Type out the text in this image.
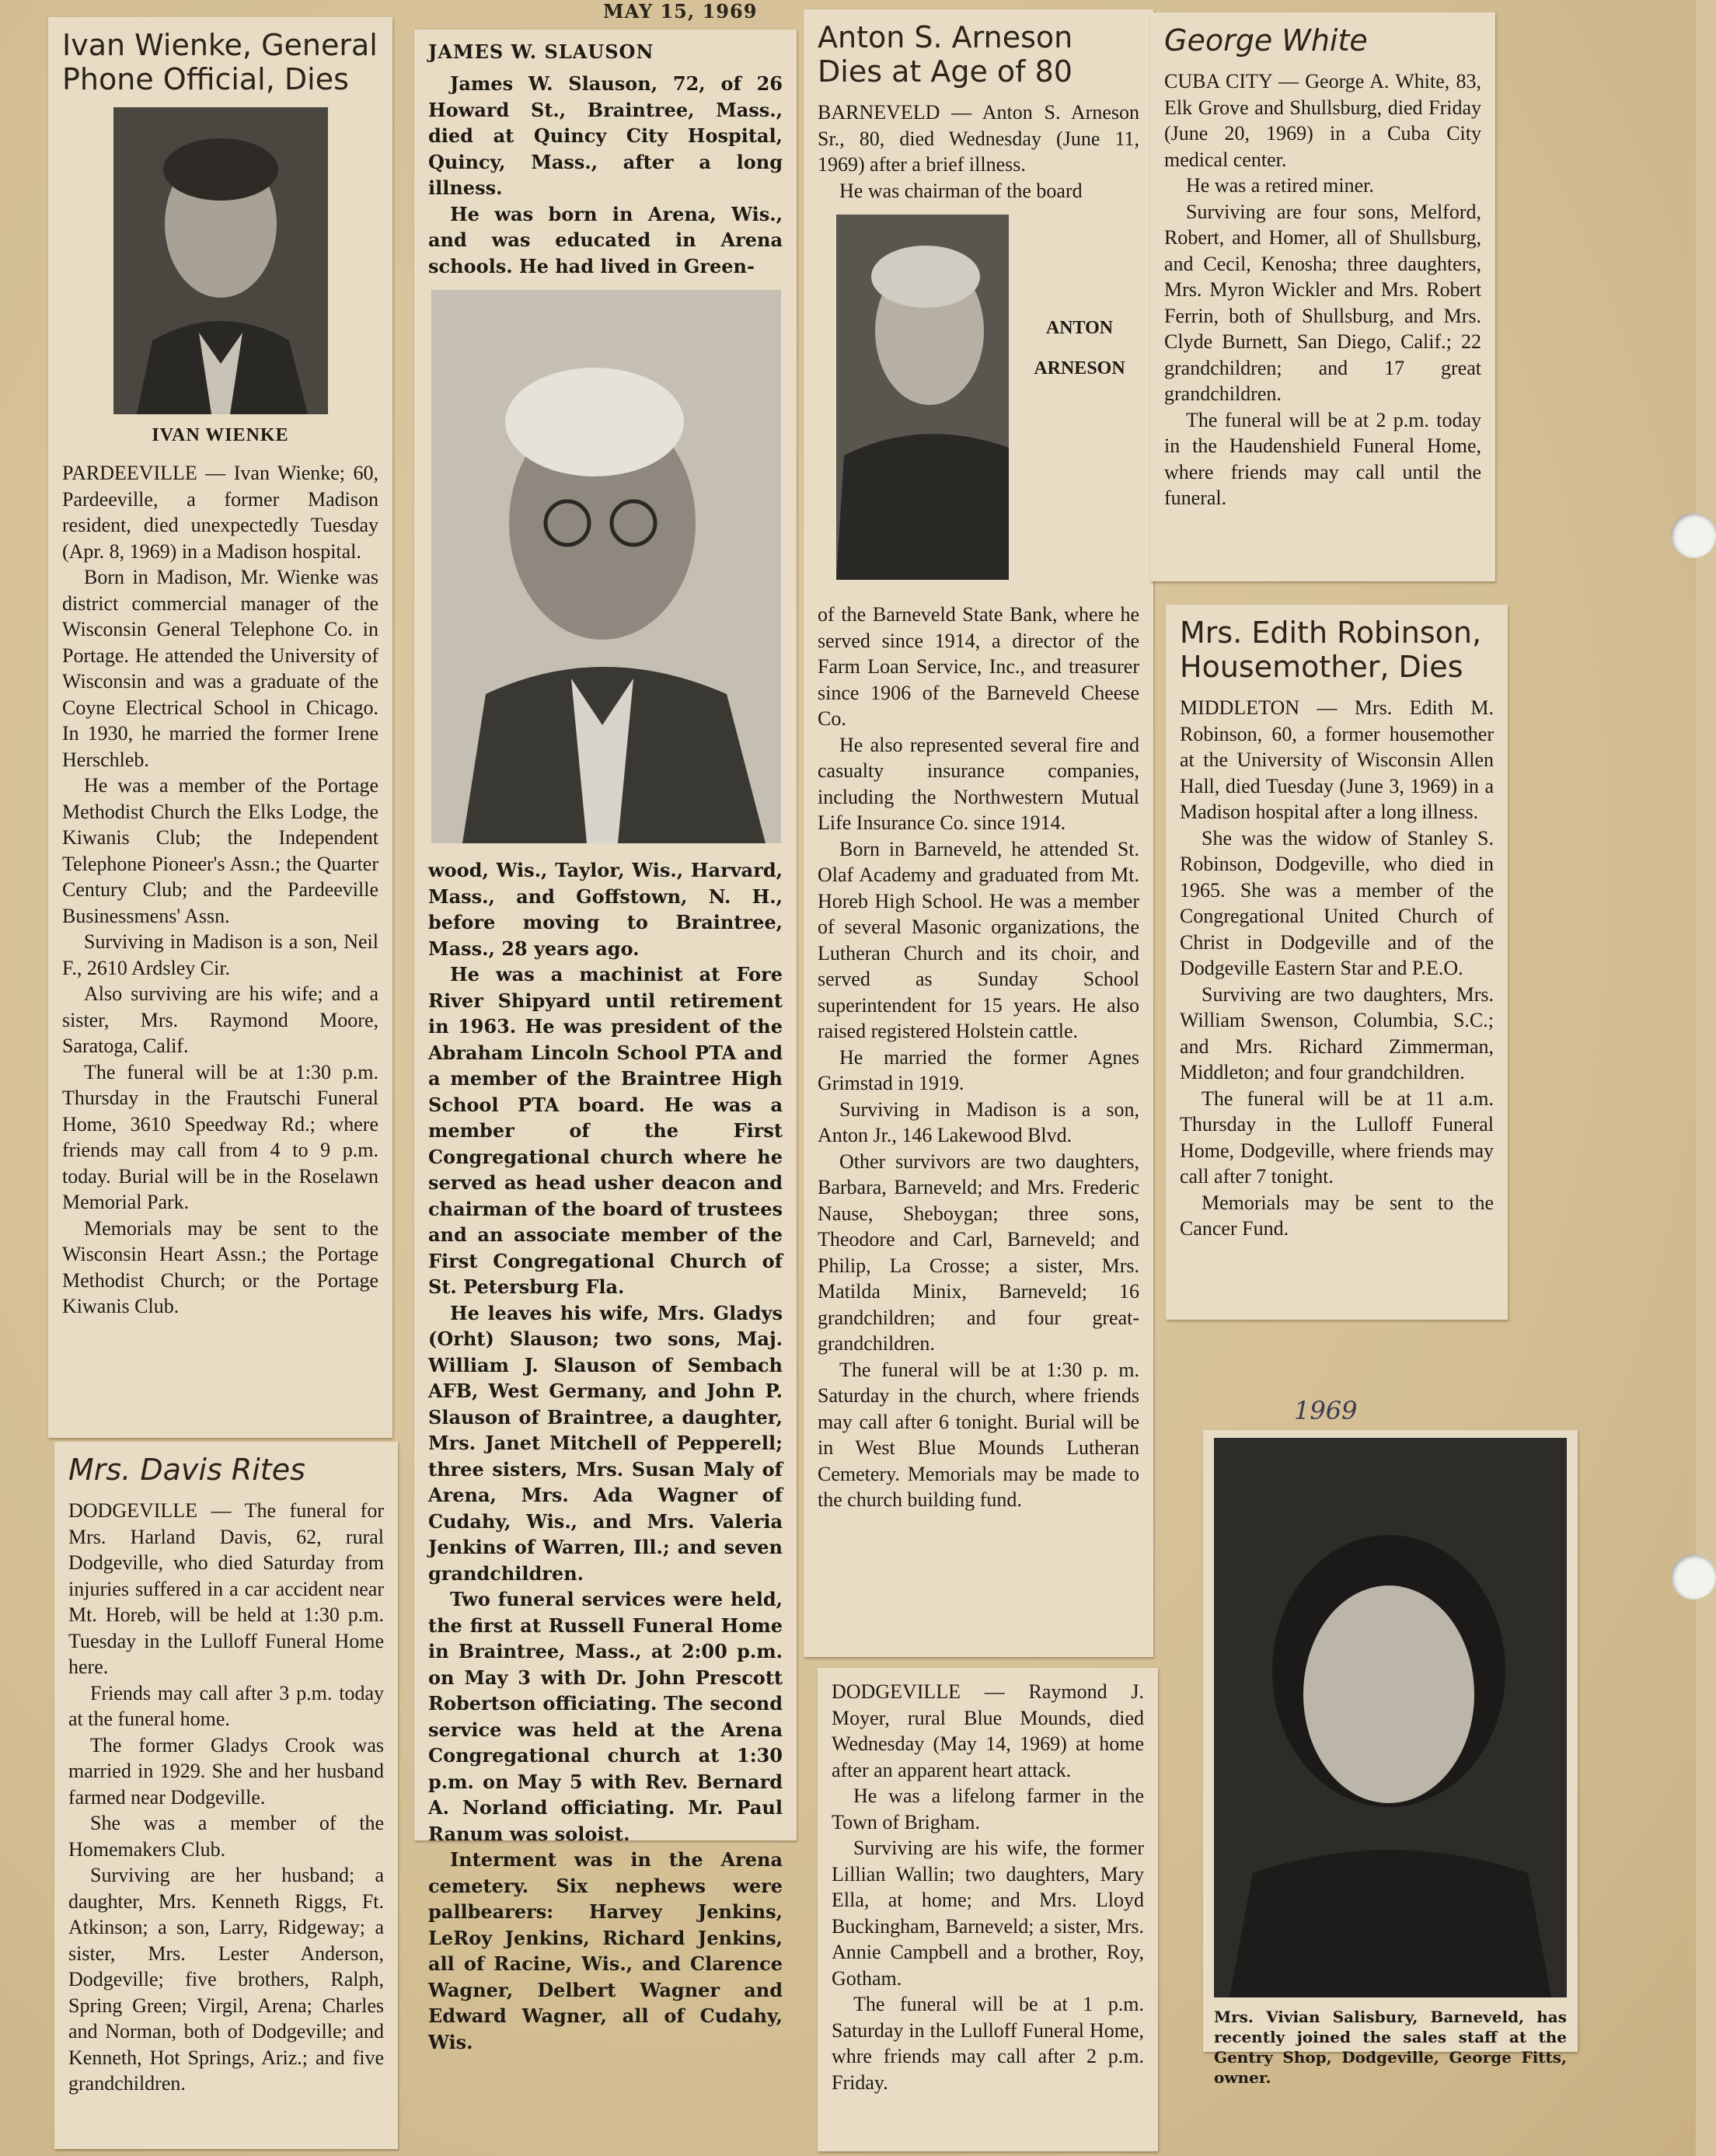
MAY 15, 1969
Ivan Wienke, General Phone Official, Dies
IVAN WIENKE

PARDEEVILLE — Ivan Wienke; 60, Pardeeville, a former Madison resident, died unexpectedly Tuesday (Apr. 8, 1969) in a Madison hospital.

Born in Madison, Mr. Wienke was district commercial manager of the Wisconsin General Telephone Co. in Portage. He attended the University of Wisconsin and was a graduate of the Coyne Electrical School in Chicago. In 1930, he married the former Irene Herschleb.

He was a member of the Portage Methodist Church the Elks Lodge, the Kiwanis Club; the Independent Telephone Pioneer's Assn.; the Quarter Century Club; and the Pardeeville Businessmens' Assn.

Surviving in Madison is a son, Neil F., 2610 Ardsley Cir.

Also surviving are his wife; and a sister, Mrs. Raymond Moore, Saratoga, Calif.

The funeral will be at 1:30 p.m. Thursday in the Frautschi Funeral Home, 3610 Speedway Rd.; where friends may call from 4 to 9 p.m. today. Burial will be in the Roselawn Memorial Park.

Memorials may be sent to the Wisconsin Heart Assn.; the Portage Methodist Church; or the Portage Kiwanis Club.

Mrs. Davis Rites

DODGEVILLE — The funeral for Mrs. Harland Davis, 62, rural Dodgeville, who died Saturday from injuries suffered in a car accident near Mt. Horeb, will be held at 1:30 p.m. Tuesday in the Lulloff Funeral Home here.

Friends may call after 3 p.m. today at the funeral home.

The former Gladys Crook was married in 1929. She and her husband farmed near Dodgeville.

She was a member of the Homemakers Club.

Surviving are her husband; a daughter, Mrs. Kenneth Riggs, Ft. Atkinson; a son, Larry, Ridgeway; a sister, Mrs. Lester Anderson, Dodgeville; five brothers, Ralph, Spring Green; Virgil, Arena; Charles and Norman, both of Dodgeville; and Kenneth, Hot Springs, Ariz.; and five grandchildren.

JAMES W. SLAUSON

James W. Slauson, 72, of 26 Howard St., Braintree, Mass., died at Quincy City Hospital, Quincy, Mass., after a long illness.

He was born in Arena, Wis., and was educated in Arena schools. He had lived in Green-

wood, Wis., Taylor, Wis., Harvard, Mass., and Goffstown, N. H., before moving to Braintree, Mass., 28 years ago.

He was a machinist at Fore River Shipyard until retirement in 1963. He was president of the Abraham Lincoln School PTA and a member of the Braintree High School PTA board. He was a member of the First Congregational church where he served as head usher deacon and chairman of the board of trustees and an associate member of the First Congregational Church of St. Petersburg Fla.

He leaves his wife, Mrs. Gladys (Orht) Slauson; two sons, Maj. William J. Slauson of Sembach AFB, West Germany, and John P. Slauson of Braintree, a daughter, Mrs. Janet Mitchell of Pepperell; three sisters, Mrs. Susan Maly of Arena, Mrs. Ada Wagner of Cudahy, Wis., and Mrs. Valeria Jenkins of Warren, Ill.; and seven grandchildren.

Two funeral services were held, the first at Russell Funeral Home in Braintree, Mass., at 2:00 p.m. on May 3 with Dr. John Prescott Robertson officiating. The second service was held at the Arena Congregational church at 1:30 p.m. on May 5 with Rev. Bernard A. Norland officiating. Mr. Paul Ranum was soloist.

Interment was in the Arena cemetery. Six nephews were pallbearers: Harvey Jenkins, LeRoy Jenkins, Richard Jenkins, all of Racine, Wis., and Clarence Wagner, Delbert Wagner and Edward Wagner, all of Cudahy, Wis.

Anton S. Arneson Dies at Age of 80

BARNEVELD — Anton S. Arneson Sr., 80, died Wednesday (June 11, 1969) after a brief illness.

He was chairman of the board

ANTON
ARNESON

of the Barneveld State Bank, where he served since 1914, a director of the Farm Loan Service, Inc., and treasurer since 1906 of the Barneveld Cheese Co.

He also represented several fire and casualty insurance companies, including the Northwestern Mutual Life Insurance Co. since 1914.

Born in Barneveld, he attended St. Olaf Academy and graduated from Mt. Horeb High School. He was a member of several Masonic organizations, the Lutheran Church and its choir, and served as Sunday School superintendent for 15 years. He also raised registered Holstein cattle.

He married the former Agnes Grimstad in 1919.

Surviving in Madison is a son, Anton Jr., 146 Lakewood Blvd.

Other survivors are two daughters, Barbara, Barneveld; and Mrs. Frederic Nause, Sheboygan; three sons, Theodore and Carl, Barneveld; and Philip, La Crosse; a sister, Mrs. Matilda Minix, Barneveld; 16 grandchildren; and four great-grandchildren.

The funeral will be at 1:30 p. m. Saturday in the church, where friends may call after 6 tonight. Burial will be in West Blue Mounds Lutheran Cemetery. Memorials may be made to the church building fund.

DODGEVILLE — Raymond J. Moyer, rural Blue Mounds, died Wednesday (May 14, 1969) at home after an apparent heart attack.

He was a lifelong farmer in the Town of Brigham.

Surviving are his wife, the former Lillian Wallin; two daughters, Mary Ella, at home; and Mrs. Lloyd Buckingham, Barneveld; a sister, Mrs. Annie Campbell and a brother, Roy, Gotham.

The funeral will be at 1 p.m. Saturday in the Lulloff Funeral Home, whre friends may call after 2 p.m. Friday.

George White

CUBA CITY — George A. White, 83, Elk Grove and Shullsburg, died Friday (June 20, 1969) in a Cuba City medical center.

He was a retired miner.

Surviving are four sons, Melford, Robert, and Homer, all of Shullsburg, and Cecil, Kenosha; three daughters, Mrs. Myron Wickler and Mrs. Robert Ferrin, both of Shullsburg, and Mrs. Clyde Burnett, San Diego, Calif.; 22 grandchildren; and 17 great grandchildren.

The funeral will be at 2 p.m. today in the Haudenshield Funeral Home, where friends may call until the funeral.

Mrs. Edith Robinson, Housemother, Dies

MIDDLETON — Mrs. Edith M. Robinson, 60, a former housemother at the University of Wisconsin Allen Hall, died Tuesday (June 3, 1969) in a Madison hospital after a long illness.

She was the widow of Stanley S. Robinson, Dodgeville, who died in 1965. She was a member of the Congregational United Church of Christ in Dodgeville and of the Dodgeville Eastern Star and P.E.O.

Surviving are two daughters, Mrs. William Swenson, Columbia, S.C.; and Mrs. Richard Zimmerman, Middleton; and four grandchildren.

The funeral will be at 11 a.m. Thursday in the Lulloff Funeral Home, Dodgeville, where friends may call after 7 tonight.

Memorials may be sent to the Cancer Fund.

1969
Mrs. Vivian Salisbury, Barneveld, has recently joined the sales staff at the Gentry Shop, Dodgeville, George Fitts, owner.
